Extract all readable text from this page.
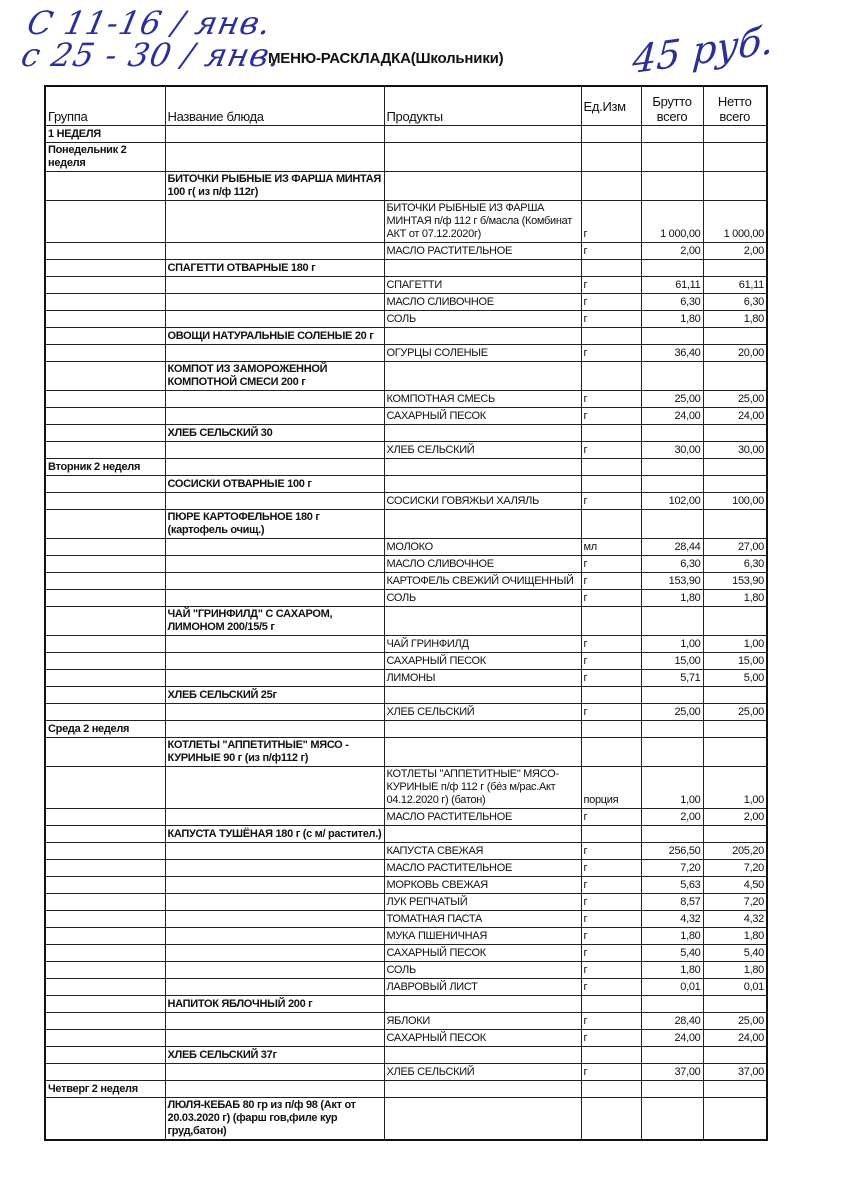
С 11-16 / янв.
с 25 - 30 / янв.	45 руб.
МЕНЮ-РАСКЛАДКА(Школьники)
Группа	Название блюда	Продукты	Ед.Изм	Брутто всего	Нетто всего
1 НЕДЕЛЯ					
Понедельник 2 неделя					
	БИТОЧКИ РЫБНЫЕ ИЗ ФАРША МИНТАЯ 100 г( из п/ф 112г)				
		БИТОЧКИ РЫБНЫЕ ИЗ ФАРША МИНТАЯ п/ф 112 г б/масла (Комбинат АКТ от 07.12.2020г)	г	1 000,00	1 000,00
		МАСЛО РАСТИТЕЛЬНОЕ	г	2,00	2,00
	СПАГЕТТИ ОТВАРНЫЕ 180 г				
		СПАГЕТТИ	г	61,11	61,11
		МАСЛО СЛИВОЧНОЕ	г	6,30	6,30
		СОЛЬ	г	1,80	1,80
	ОВОЩИ НАТУРАЛЬНЫЕ СОЛЕНЫЕ 20 г				
		ОГУРЦЫ СОЛЕНЫЕ	г	36,40	20,00
	КОМПОТ ИЗ ЗАМОРОЖЕННОЙ КОМПОТНОЙ СМЕСИ 200 г				
		КОМПОТНАЯ СМЕСЬ	г	25,00	25,00
		САХАРНЫЙ ПЕСОК	г	24,00	24,00
	ХЛЕБ СЕЛЬСКИЙ 30				
		ХЛЕБ СЕЛЬСКИЙ	г	30,00	30,00
Вторник 2 неделя					
	СОСИСКИ ОТВАРНЫЕ 100 г				
		СОСИСКИ ГОВЯЖЬИ ХАЛЯЛЬ	г	102,00	100,00
	ПЮРЕ КАРТОФЕЛЬНОЕ 180 г (картофель очищ.)				
		МОЛОКО	мл	28,44	27,00
		МАСЛО СЛИВОЧНОЕ	г	6,30	6,30
		КАРТОФЕЛЬ СВЕЖИЙ ОЧИЩЕННЫЙ	г	153,90	153,90
		СОЛЬ	г	1,80	1,80
	ЧАЙ "ГРИНФИЛД" С САХАРОМ, ЛИМОНОМ 200/15/5 г				
		ЧАЙ ГРИНФИЛД	г	1,00	1,00
		САХАРНЫЙ ПЕСОК	г	15,00	15,00
		ЛИМОНЫ	г	5,71	5,00
	ХЛЕБ СЕЛЬСКИЙ 25г				
		ХЛЕБ СЕЛЬСКИЙ	г	25,00	25,00
Среда 2 неделя					
	КОТЛЕТЫ "АППЕТИТНЫЕ" МЯСО - КУРИНЫЕ 90 г (из п/ф112 г)				
		КОТЛЕТЫ "АППЕТИТНЫЕ" МЯСО-КУРИНЫЕ п/ф 112 г (бéз м/рас.Акт 04.12.2020 г) (батон)	порция	1,00	1,00
		МАСЛО РАСТИТЕЛЬНОЕ	г	2,00	2,00
	КАПУСТА ТУШЁНАЯ 180 г (с м/ растител.)				
		КАПУСТА СВЕЖАЯ	г	256,50	205,20
		МАСЛО РАСТИТЕЛЬНОЕ	г	7,20	7,20
		МОРКОВЬ СВЕЖАЯ	г	5,63	4,50
		ЛУК РЕПЧАТЫЙ	г	8,57	7,20
		ТОМАТНАЯ ПАСТА	г	4,32	4,32
		МУКА ПШЕНИЧНАЯ	г	1,80	1,80
		САХАРНЫЙ ПЕСОК	г	5,40	5,40
		СОЛЬ	г	1,80	1,80
		ЛАВРОВЫЙ ЛИСТ	г	0,01	0,01
	НАПИТОК ЯБЛОЧНЫЙ 200 г				
		ЯБЛОКИ	г	28,40	25,00
		САХАРНЫЙ ПЕСОК	г	24,00	24,00
	ХЛЕБ СЕЛЬСКИЙ 37г				
		ХЛЕБ СЕЛЬСКИЙ	г	37,00	37,00
Четверг 2 неделя					
	ЛЮЛЯ-КЕБАБ 80 гр из п/ф 98 (Акт от 20.03.2020 г) (фарш гов,филе кур груд,батон)				
